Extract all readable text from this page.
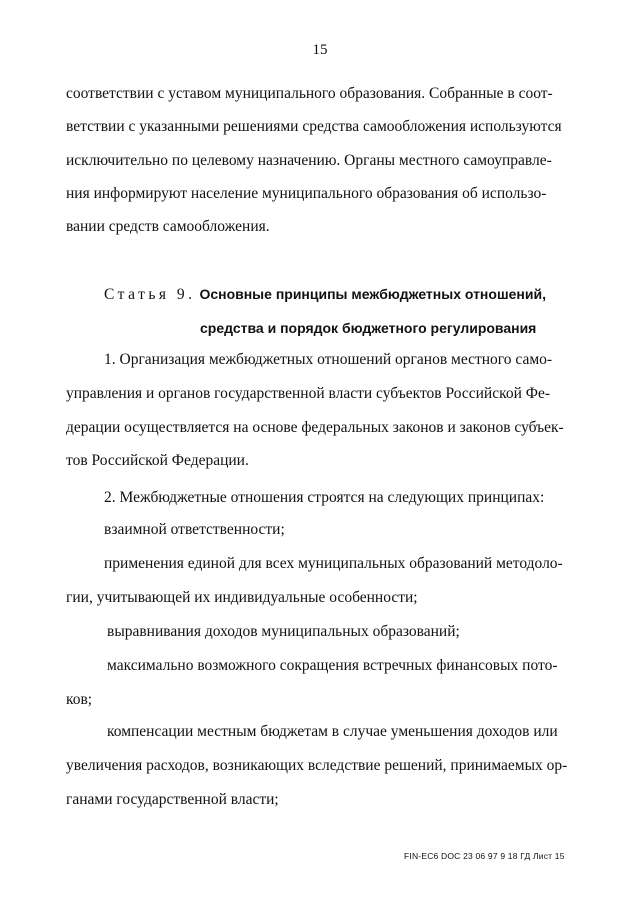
15
соответствии с уставом муниципального образования. Собранные в соот-
ветствии с указанными решениями средства самообложения используются
исключительно по целевому назначению. Органы местного самоуправле-
ния информируют население муниципального образования об использо-
вании средств самообложения.
Статья 9. Основные принципы межбюджетных отношений,
средства и порядок бюджетного регулирования
1. Организация межбюджетных отношений органов местного само-
управления и органов государственной власти субъектов Российской Фе-
дерации осуществляется на основе федеральных законов и законов субъек-
тов Российской Федерации.
2. Межбюджетные отношения строятся на следующих принципах:
взаимной ответственности;
применения единой для всех муниципальных образований методоло-
гии, учитывающей их индивидуальные особенности;
выравнивания доходов муниципальных образований;
максимально возможного сокращения встречных финансовых пото-
ков;
компенсации местным бюджетам в случае уменьшения доходов или
увеличения расходов, возникающих вследствие решений, принимаемых ор-
ганами государственной власти;
FIN-EC6 DOC 23 06 97 9 18 ГД Лист 15
